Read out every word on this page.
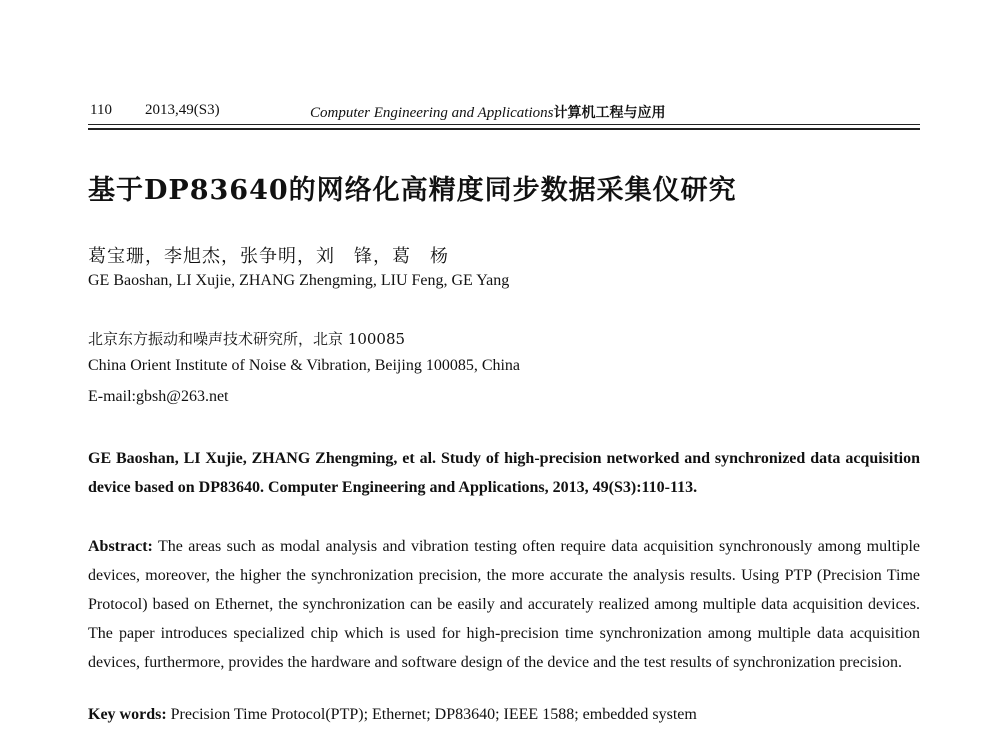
110 2013,49(S3)	Computer Engineering and Applications计算机工程与应用
基于DP83640的网络化高精度同步数据采集仪研究
葛宝珊，李旭杰，张争明，刘　锋，葛　杨
GE Baoshan, LI Xujie, ZHANG Zhengming, LIU Feng, GE Yang
北京东方振动和噪声技术研究所，北京 100085
China Orient Institute of Noise & Vibration, Beijing 100085, China
E-mail:gbsh@263.net
GE Baoshan, LI Xujie, ZHANG Zhengming, et al. Study of high-precision networked and synchronized data acquisition device based on DP83640. Computer Engineering and Applications, 2013, 49(S3):110-113.
Abstract: The areas such as modal analysis and vibration testing often require data acquisition synchronously among multiple devices, moreover, the higher the synchronization precision, the more accurate the analysis results. Using PTP (Precision Time Protocol) based on Ethernet, the synchronization can be easily and accurately realized among multiple data acquisition devices. The paper introduces specialized chip which is used for high-precision time synchronization among multiple data acquisition devices, furthermore, provides the hardware and software design of the device and the test results of synchronization precision.
Key words: Precision Time Protocol(PTP); Ethernet; DP83640; IEEE 1588; embedded system
